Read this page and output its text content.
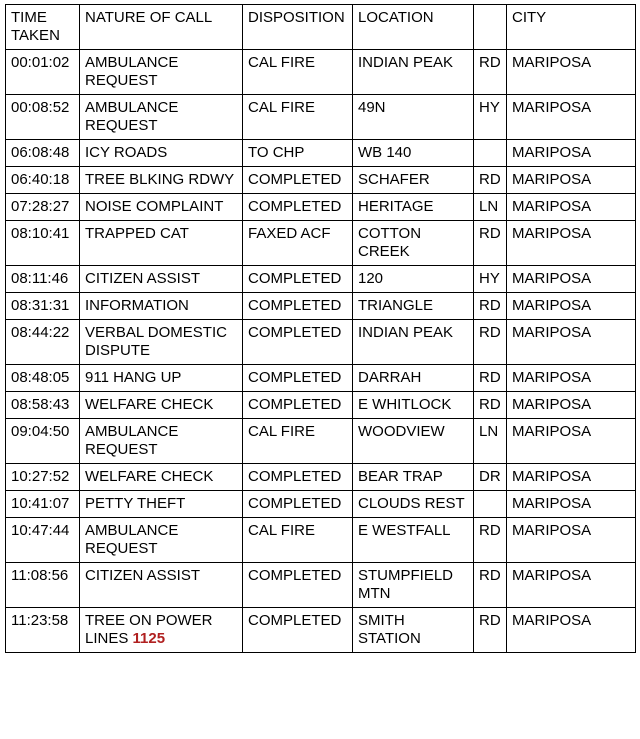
TIME TAKEN	NATURE OF CALL	DISPOSITION	LOCATION		CITY
00:01:02	AMBULANCE REQUEST	CAL FIRE	INDIAN PEAK	RD	MARIPOSA
00:08:52	AMBULANCE REQUEST	CAL FIRE	49N	HY	MARIPOSA
06:08:48	ICY ROADS	TO CHP	WB 140		MARIPOSA
06:40:18	TREE BLKING RDWY	COMPLETED	SCHAFER	RD	MARIPOSA
07:28:27	NOISE COMPLAINT	COMPLETED	HERITAGE	LN	MARIPOSA
08:10:41	TRAPPED CAT	FAXED ACF	COTTON CREEK	RD	MARIPOSA
08:11:46	CITIZEN ASSIST	COMPLETED	120	HY	MARIPOSA
08:31:31	INFORMATION	COMPLETED	TRIANGLE	RD	MARIPOSA
08:44:22	VERBAL DOMESTIC DISPUTE	COMPLETED	INDIAN PEAK	RD	MARIPOSA
08:48:05	911 HANG UP	COMPLETED	DARRAH	RD	MARIPOSA
08:58:43	WELFARE CHECK	COMPLETED	E WHITLOCK	RD	MARIPOSA
09:04:50	AMBULANCE REQUEST	CAL FIRE	WOODVIEW	LN	MARIPOSA
10:27:52	WELFARE CHECK	COMPLETED	BEAR TRAP	DR	MARIPOSA
10:41:07	PETTY THEFT	COMPLETED	CLOUDS REST		MARIPOSA
10:47:44	AMBULANCE REQUEST	CAL FIRE	E WESTFALL	RD	MARIPOSA
11:08:56	CITIZEN ASSIST	COMPLETED	STUMPFIELD MTN	RD	MARIPOSA
11:23:58	TREE ON POWER LINES 1125	COMPLETED	SMITH STATION	RD	MARIPOSA
